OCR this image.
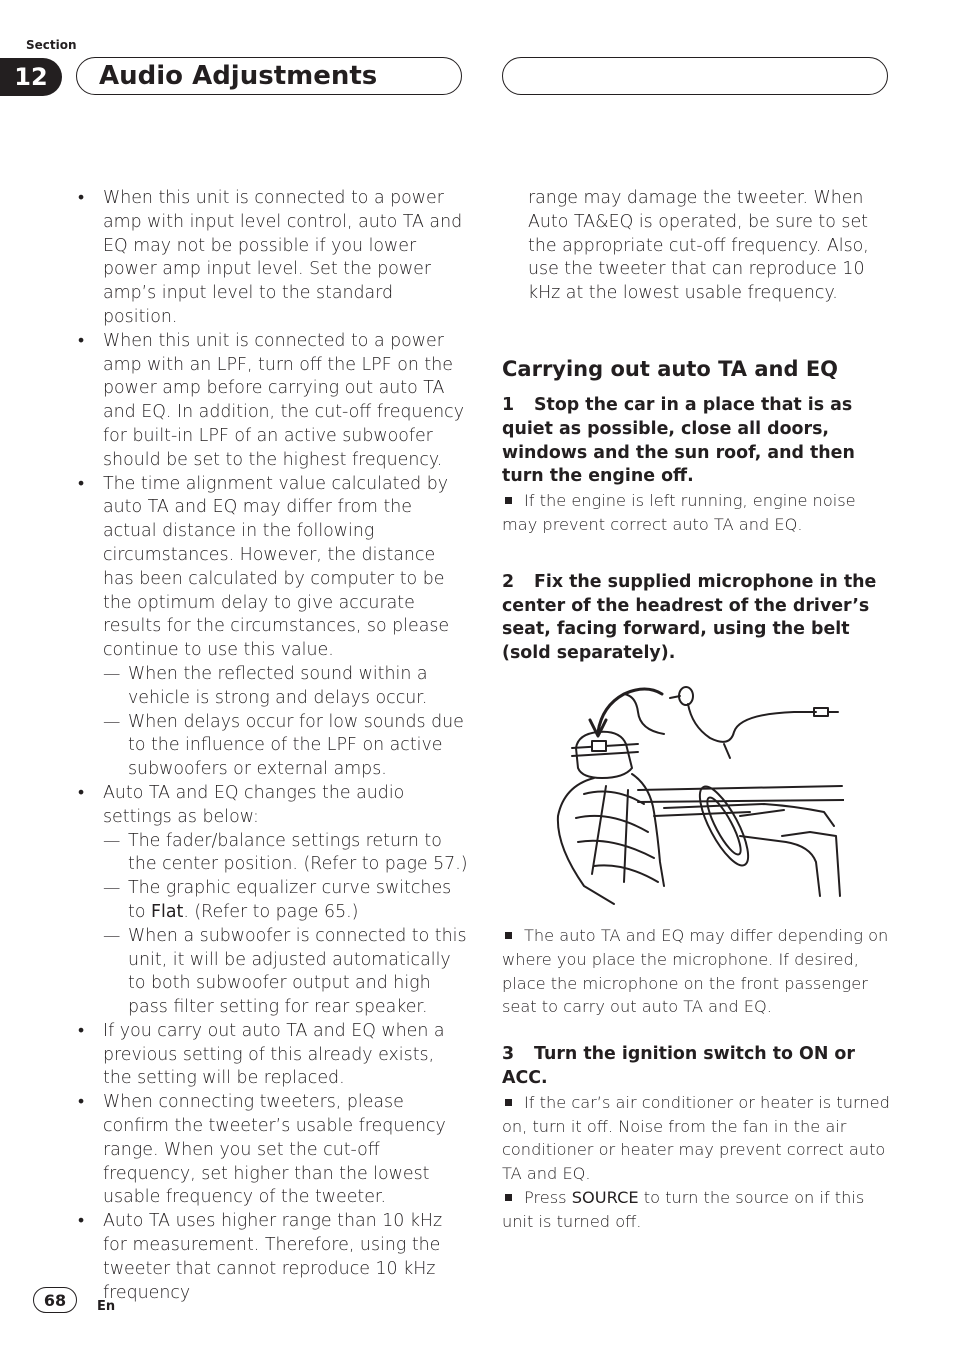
Section
12	Audio Adjustments
• When this unit is connected to a power amp with input level control, auto TA and EQ may not be possible if you lower power amp input level. Set the power amp’s input level to the standard position.
• When this unit is connected to a power amp with an LPF, turn off the LPF on the power amp before carrying out auto TA and EQ. In addition, the cut-off frequency for built-in LPF of an active subwoofer should be set to the highest frequency.
• The time alignment value calculated by auto TA and EQ may differ from the actual distance in the following circumstances. However, the distance has been calculated by computer to be the optimum delay to give accurate results for the circumstances, so please continue to use this value.
— When the reflected sound within a vehicle is strong and delays occur.
— When delays occur for low sounds due to the influence of the LPF on active subwoofers or external amps.
• Auto TA and EQ changes the audio settings as below:
— The fader/balance settings return to the center position. (Refer to page 57.)
— The graphic equalizer curve switches to Flat. (Refer to page 65.)
— When a subwoofer is connected to this unit, it will be adjusted automatically to both subwoofer output and high pass filter setting for rear speaker.
• If you carry out auto TA and EQ when a previous setting of this already exists, the setting will be replaced.
• When connecting tweeters, please confirm the tweeter’s usable frequency range. When you set the cut-off frequency, set higher than the lowest usable frequency of the tweeter.
• Auto TA uses higher range than 10 kHz for measurement. Therefore, using the tweeter that cannot reproduce 10 kHz frequency
range may damage the tweeter. When Auto TA&EQ is operated, be sure to set the appropriate cut-off frequency. Also, use the tweeter that can reproduce 10 kHz at the lowest usable frequency.
Carrying out auto TA and EQ
1 Stop the car in a place that is as quiet as possible, close all doors, windows and the sun roof, and then turn the engine off.
If the engine is left running, engine noise may prevent correct auto TA and EQ.
2 Fix the supplied microphone in the center of the headrest of the driver’s seat, facing forward, using the belt (sold separately).
The auto TA and EQ may differ depending on where you place the microphone. If desired, place the microphone on the front passenger seat to carry out auto TA and EQ.
3 Turn the ignition switch to ON or ACC.
If the car’s air conditioner or heater is turned on, turn it off. Noise from the fan in the air conditioner or heater may prevent correct auto TA and EQ.
Press SOURCE to turn the source on if this unit is turned off.
68	En
